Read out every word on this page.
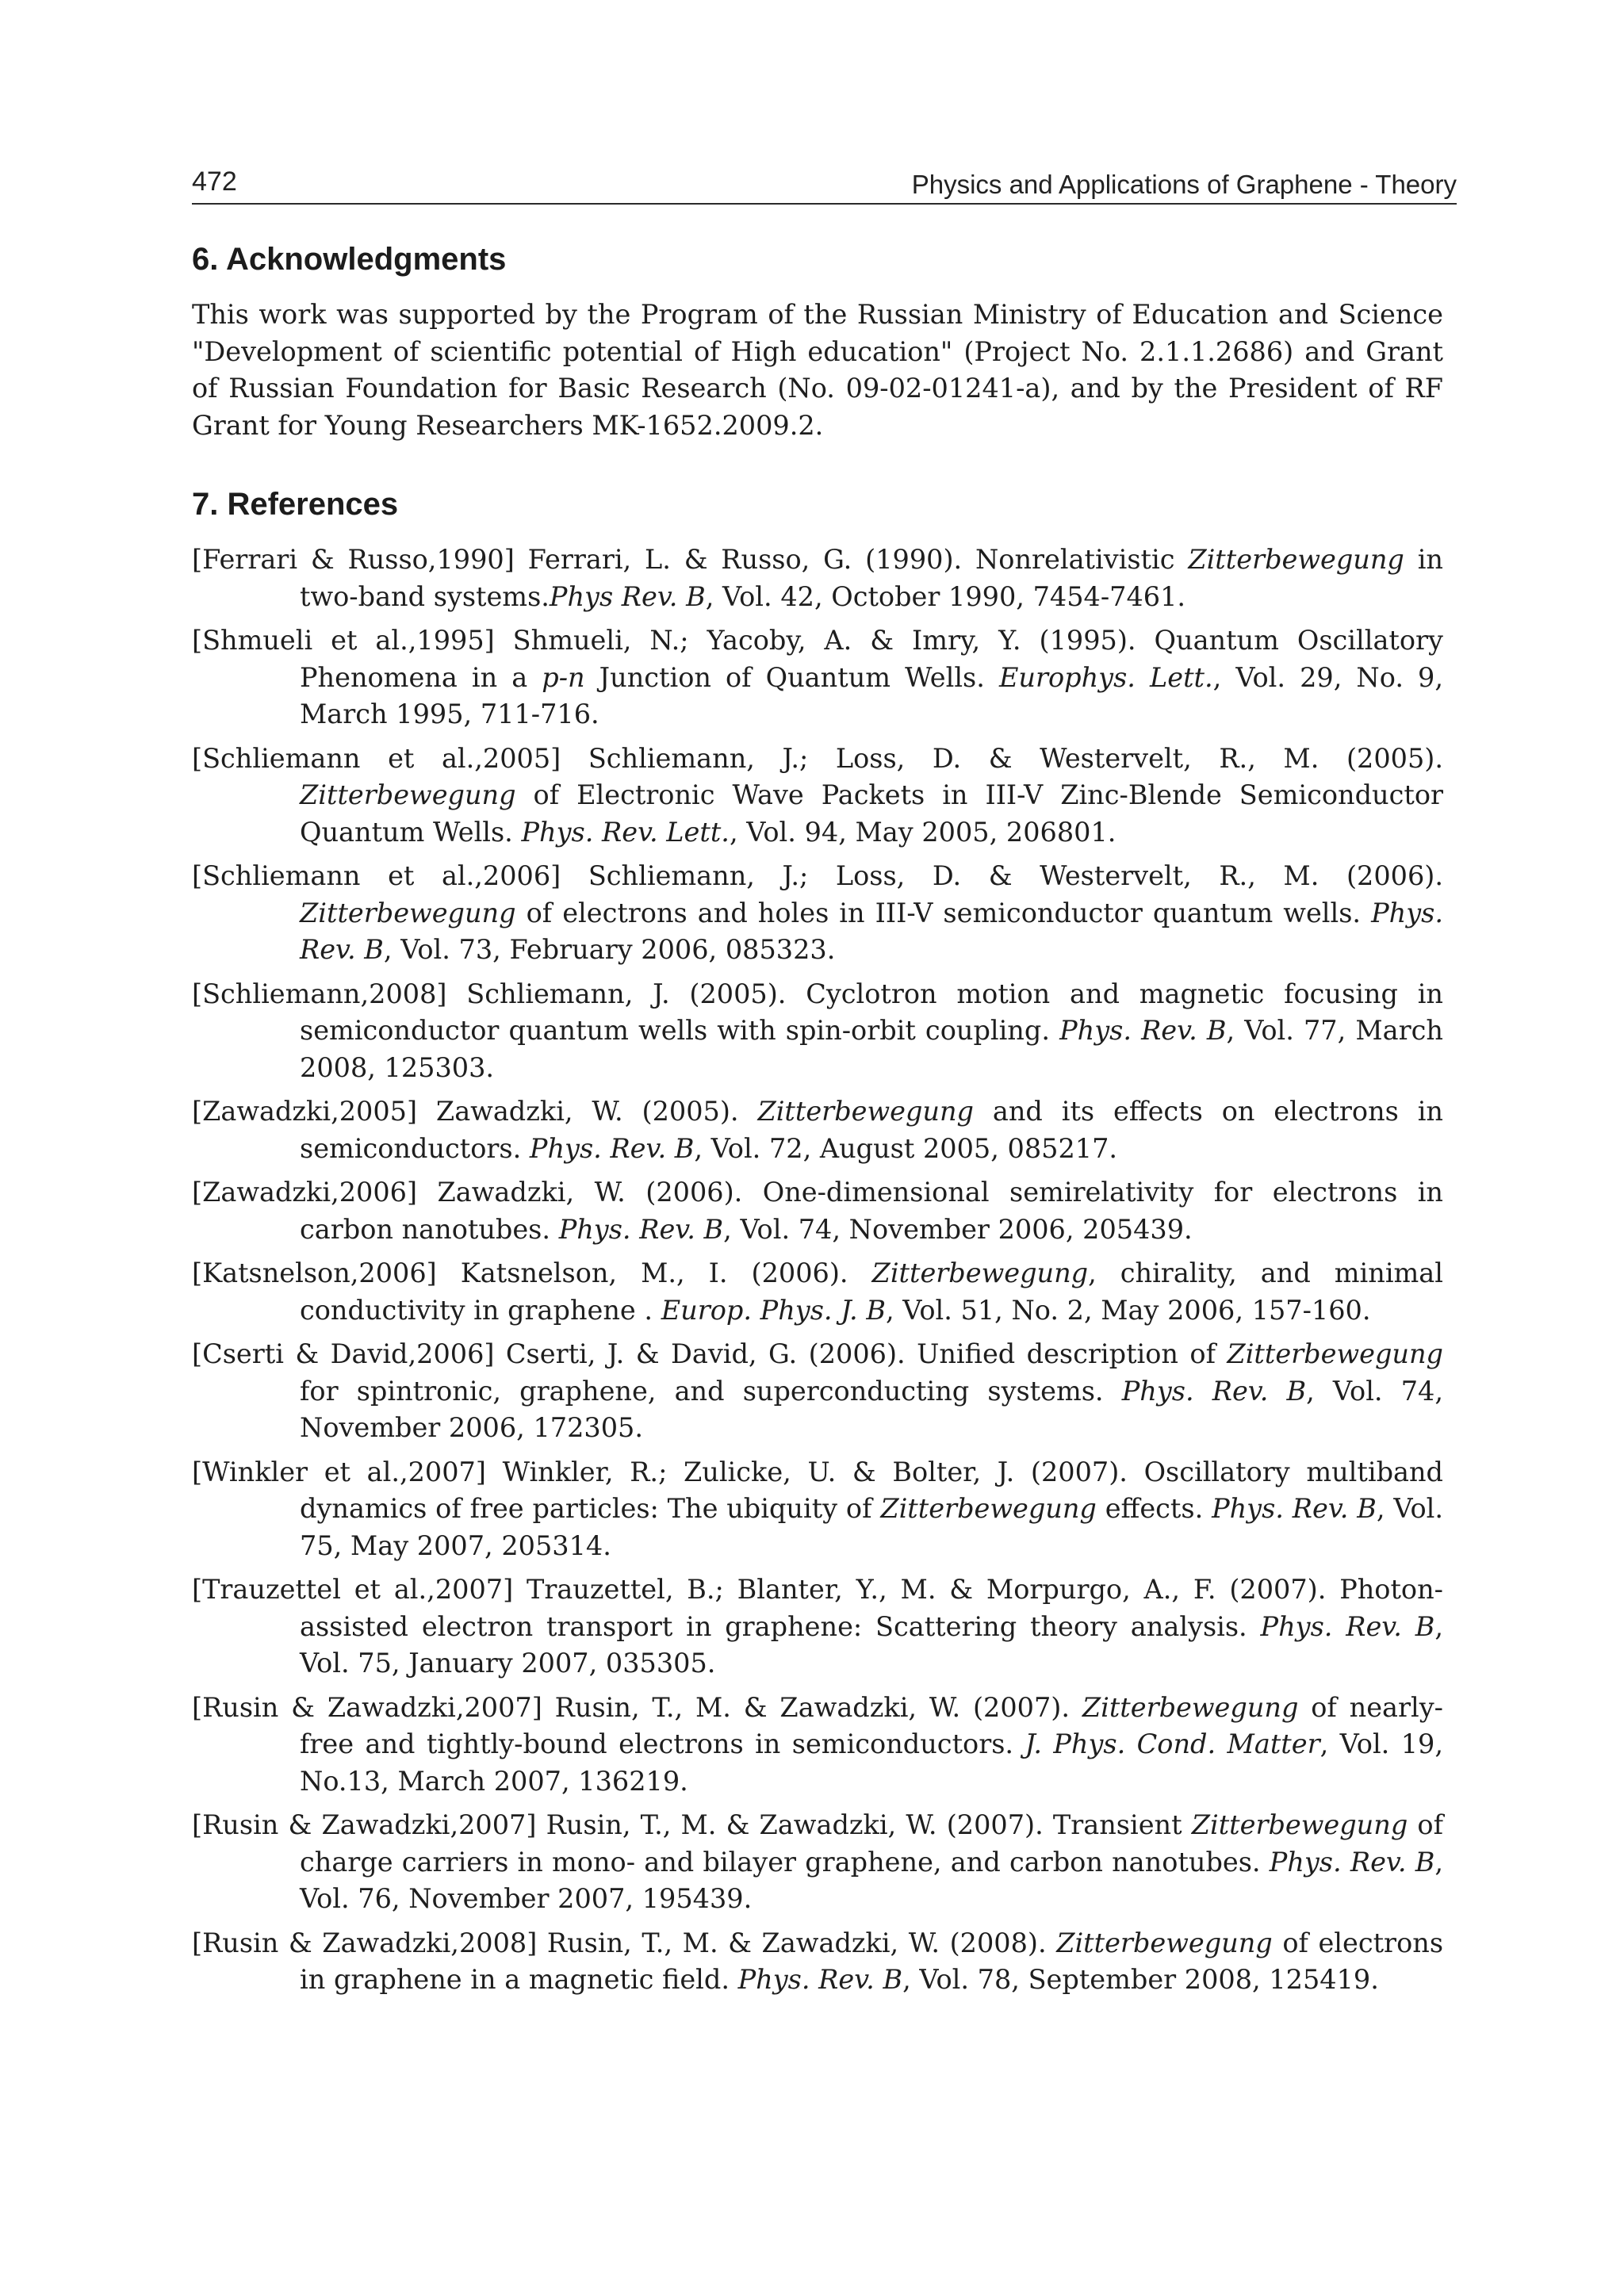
472	Physics and Applications of Graphene - Theory
6. Acknowledgments

This work was supported by the Program of the Russian Ministry of Education and Science "Development of scientific potential of High education" (Project No. 2.1.1.2686) and Grant of Russian Foundation for Basic Research (No. 09-02-01241-a), and by the President of RF Grant for Young Researchers MK-1652.2009.2.

7. References
[Ferrari & Russo,1990] Ferrari, L. & Russo, G. (1990). Nonrelativistic Zitterbewegung in two-band systems.Phys Rev. B, Vol. 42, October 1990, 7454-7461.
[Shmueli et al.,1995] Shmueli, N.; Yacoby, A. & Imry, Y. (1995). Quantum Oscillatory Phenomena in a p-n Junction of Quantum Wells. Europhys. Lett., Vol. 29, No. 9, March 1995, 711-716.
[Schliemann et al.,2005] Schliemann, J.; Loss, D. & Westervelt, R., M. (2005). Zitterbewegung of Electronic Wave Packets in III-V Zinc-Blende Semiconductor Quantum Wells. Phys. Rev. Lett., Vol. 94, May 2005, 206801.
[Schliemann et al.,2006] Schliemann, J.; Loss, D. & Westervelt, R., M. (2006). Zitterbewegung of electrons and holes in III-V semiconductor quantum wells. Phys. Rev. B, Vol. 73, February 2006, 085323.
[Schliemann,2008] Schliemann, J. (2005). Cyclotron motion and magnetic focusing in semiconductor quantum wells with spin-orbit coupling. Phys. Rev. B, Vol. 77, March 2008, 125303.
[Zawadzki,2005] Zawadzki, W. (2005). Zitterbewegung and its effects on electrons in semiconductors. Phys. Rev. B, Vol. 72, August 2005, 085217.
[Zawadzki,2006] Zawadzki, W. (2006). One-dimensional semirelativity for electrons in carbon nanotubes. Phys. Rev. B, Vol. 74, November 2006, 205439.
[Katsnelson,2006] Katsnelson, M., I. (2006). Zitterbewegung, chirality, and minimal conductivity in graphene . Europ. Phys. J. B, Vol. 51, No. 2, May 2006, 157-160.
[Cserti & David,2006] Cserti, J. & David, G. (2006). Unified description of Zitterbewegung for spintronic, graphene, and superconducting systems. Phys. Rev. B, Vol. 74, November 2006, 172305.
[Winkler et al.,2007] Winkler, R.; Zulicke, U. & Bolter, J. (2007). Oscillatory multiband dynamics of free particles: The ubiquity of Zitterbewegung effects. Phys. Rev. B, Vol. 75, May 2007, 205314.
[Trauzettel et al.,2007] Trauzettel, B.; Blanter, Y., M. & Morpurgo, A., F. (2007). Photon-assisted electron transport in graphene: Scattering theory analysis. Phys. Rev. B, Vol. 75, January 2007, 035305.
[Rusin & Zawadzki,2007] Rusin, T., M. & Zawadzki, W. (2007). Zitterbewegung of nearly-free and tightly-bound electrons in semiconductors. J. Phys. Cond. Matter, Vol. 19, No.13, March 2007, 136219.
[Rusin & Zawadzki,2007] Rusin, T., M. & Zawadzki, W. (2007). Transient Zitterbewegung of charge carriers in mono- and bilayer graphene, and carbon nanotubes. Phys. Rev. B, Vol. 76, November 2007, 195439.
[Rusin & Zawadzki,2008] Rusin, T., M. & Zawadzki, W. (2008). Zitterbewegung of electrons in graphene in a magnetic field. Phys. Rev. B, Vol. 78, September 2008, 125419.
